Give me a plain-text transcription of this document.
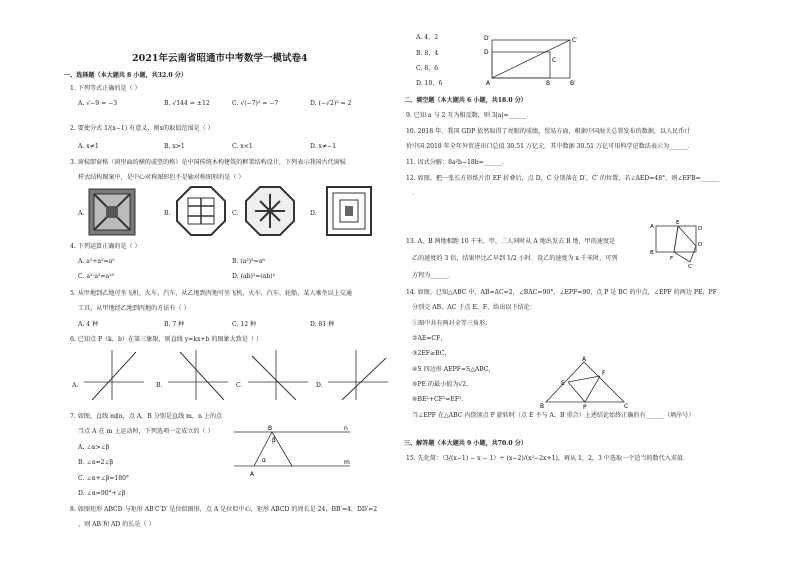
2021年云南省昭通市中考数学一模试卷4
一、选择题（本大题共 8 小题，共32.0 分）
1. 下列等式正确的是（ ）
A. √−9 = −3	B. √144 = ±12	C. √(−7)² = −7	D. (−√2)² = 2
2. 要使分式 1/(x−1) 有意义，则x的取值范围是（ ）
A. x≠1	B. x>1	C. x<1	D. x≠−1
3. 窗棂即窗格（窗里面的横的或竖的格）是中国传统木构建筑的框架结构设计，下列表示我国古代窗棂
样式结构图案中，是中心对称图形但不是轴对称图形的是（ ）
A.	B.	C.	D.
4. 下列运算正确的是（ ）
A. a²+a³=a⁵	B. (a²)³=a⁶
C. a²·a⁵=a¹⁰	D. (ab)²=(ab)²
5. 从甲地到乙地可坐飞机、火车、汽车，从乙地到丙地可坐飞机、火车、汽车、轮船，某人乘坐以上交通
工具，从甲地经乙地到丙地的方法有（ ）
A. 4 种	B. 7 种	C. 12 种	D. 81 种
6. 已知点 P（k，b）在第三象限，则直线 y=kx+b 的图象大致是（ ）
A.	B.	C.	D.
7. 如图，直线 m∥n，点 A，B 分别是直线 m，n 上的点
当点 A 在 m 上运动时，下列选项一定成立的（ ）
A. ∠α>∠β
B. ∠α=2∠β
C. ∠α+∠β=180°
D. ∠α=90°+∠β
n
m
B
A
α
β
8. 如图矩形 ABCD 与矩形 AB′C′D′ 是位似图形，点 A 是位似中心，矩形 ABCD 的周长是 24，BB′=4，DD′=2
，则 AB 和 AD 的长是（ ）
A. 4，2
B. 8，4
C. 8，6
D. 10，6
D′	C′
D
C
A	B	B′
二、填空题（本大题共 6 小题，共18.0 分）
9. 已知 a 与 2 互为相反数，则 3|a|=______．
10. 2018 年，我国 GDP 依然取得了亮眼的成绩。贸易方面，根据中国海关总署发布的数据，以人民币计
价中国 2018 年全年外贸进出口总值 30.51 万亿元。其中数据 30.51 万亿可用科学记数法表示为______．
11. 因式分解：8a²b−18b=______．
12. 如图，把一张长方形纸片沿 EF 折叠后，点 D，C 分别落在 D′，C′ 的位置，若∠AED=48°，则∠EFB=______
．
A
B
E
F
D
D′
C′
13. A，B 两地相距 10 千米，甲、二人同时从 A 地出发去 B 地，甲的速度是
乙的速度的 3 倍，结果甲比乙早到 1/2 小时．设乙的速度为 x 千米时，可列
方程为______．
14. 如图，已知△ABC 中，AB=AC=2，∠BAC=90°，∠EPF=90，点 P 是 BC 的中点，∠EPF 的两边 PE、PF
分别交 AB、AC 于点 E、F，给出以下结论：
①图中共有两对全等三角形；
②AE=CF，
③2EF≥BC，
④S 四边形 AEPF=S△ABC，
⑤PE 的最小值为√2，
⑥BE²+CF²=EF²．
当∠EPF 在△ABC 内绕顶点 P 旋转时（点 E 不与 A、B 重合）上述结论始终正确的有______（填序号）
A
B	C
E
F
P
三、解答题（本大题共 9 小题，共70.0 分）
15. 先化简：（3/(x−1) − x − 1）÷ (x−2)/(x²−2x+1)，再从 1，2，3 中选取一个适当的数代入求值．
